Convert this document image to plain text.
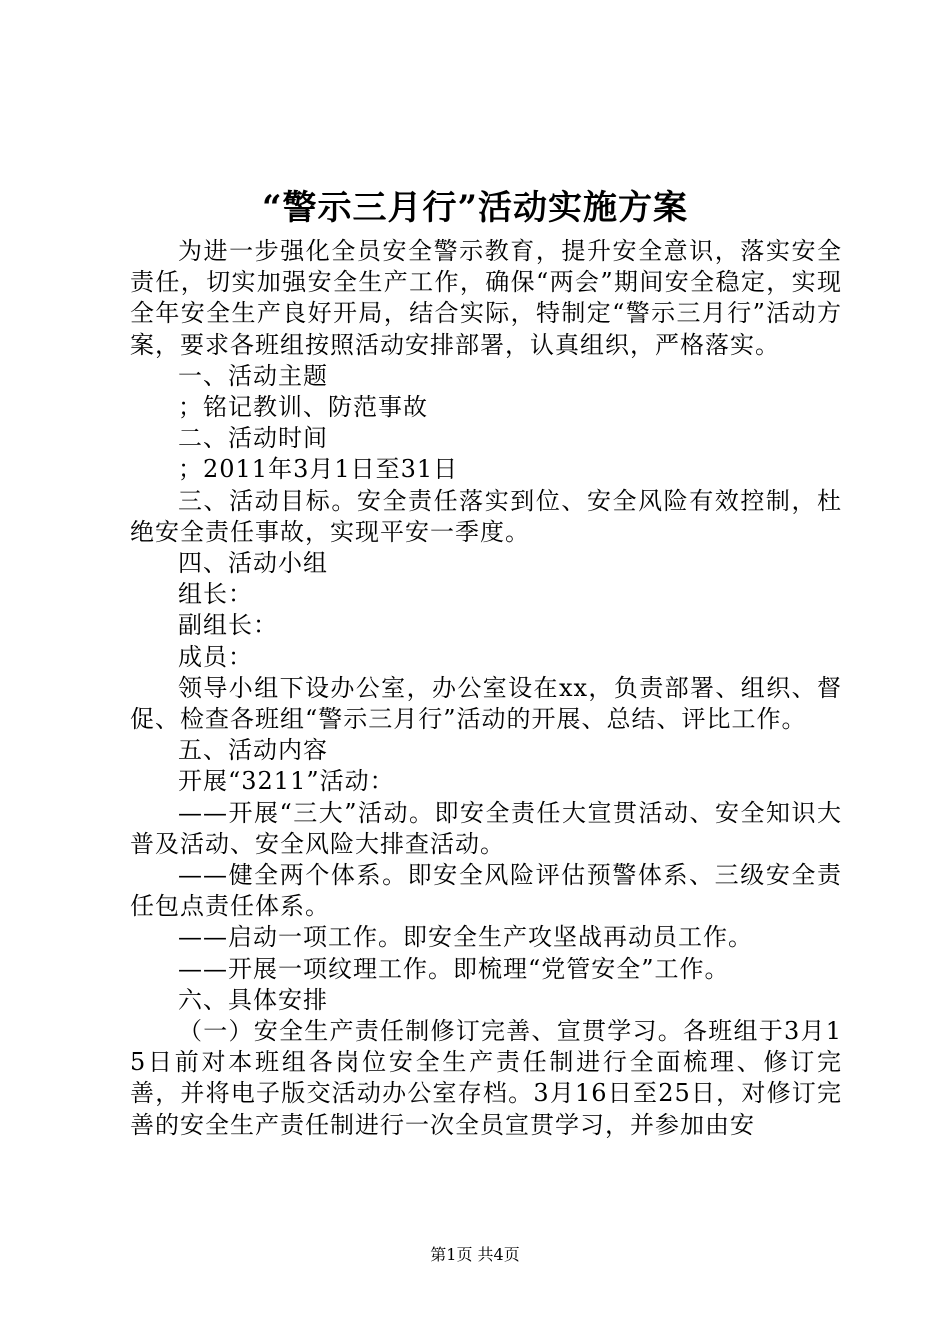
“警示三月行”活动实施方案

为进一步强化全员安全警示教育，提升安全意识，落实安全责任，切实加强安全生产工作，确保“两会”期间安全稳定，实现全年安全生产良好开局，结合实际，特制定“警示三月行”活动方案，要求各班组按照活动安排部署，认真组织，严格落实。

一、活动主题

；铭记教训、防范事故

二、活动时间

；2011年3月1日至31日

三、活动目标。安全责任落实到位、安全风险有效控制，杜绝安全责任事故，实现平安一季度。

四、活动小组

组长：

副组长：

成员：

领导小组下设办公室，办公室设在xx，负责部署、组织、督促、检查各班组“警示三月行”活动的开展、总结、评比工作。

五、活动内容

开展“3211”活动：

——开展“三大”活动。即安全责任大宣贯活动、安全知识大普及活动、安全风险大排查活动。

——健全两个体系。即安全风险评估预警体系、三级安全责任包点责任体系。

——启动一项工作。即安全生产攻坚战再动员工作。

——开展一项纹理工作。即梳理“党管安全”工作。

六、具体安排

（一）安全生产责任制修订完善、宣贯学习。各班组于3月15日前对本班组各岗位安全生产责任制进行全面梳理、修订完善，并将电子版交活动办公室存档。3月16日至25日，对修订完善的安全生产责任制进行一次全员宣贯学习，并参加由安

第1页 共4页
